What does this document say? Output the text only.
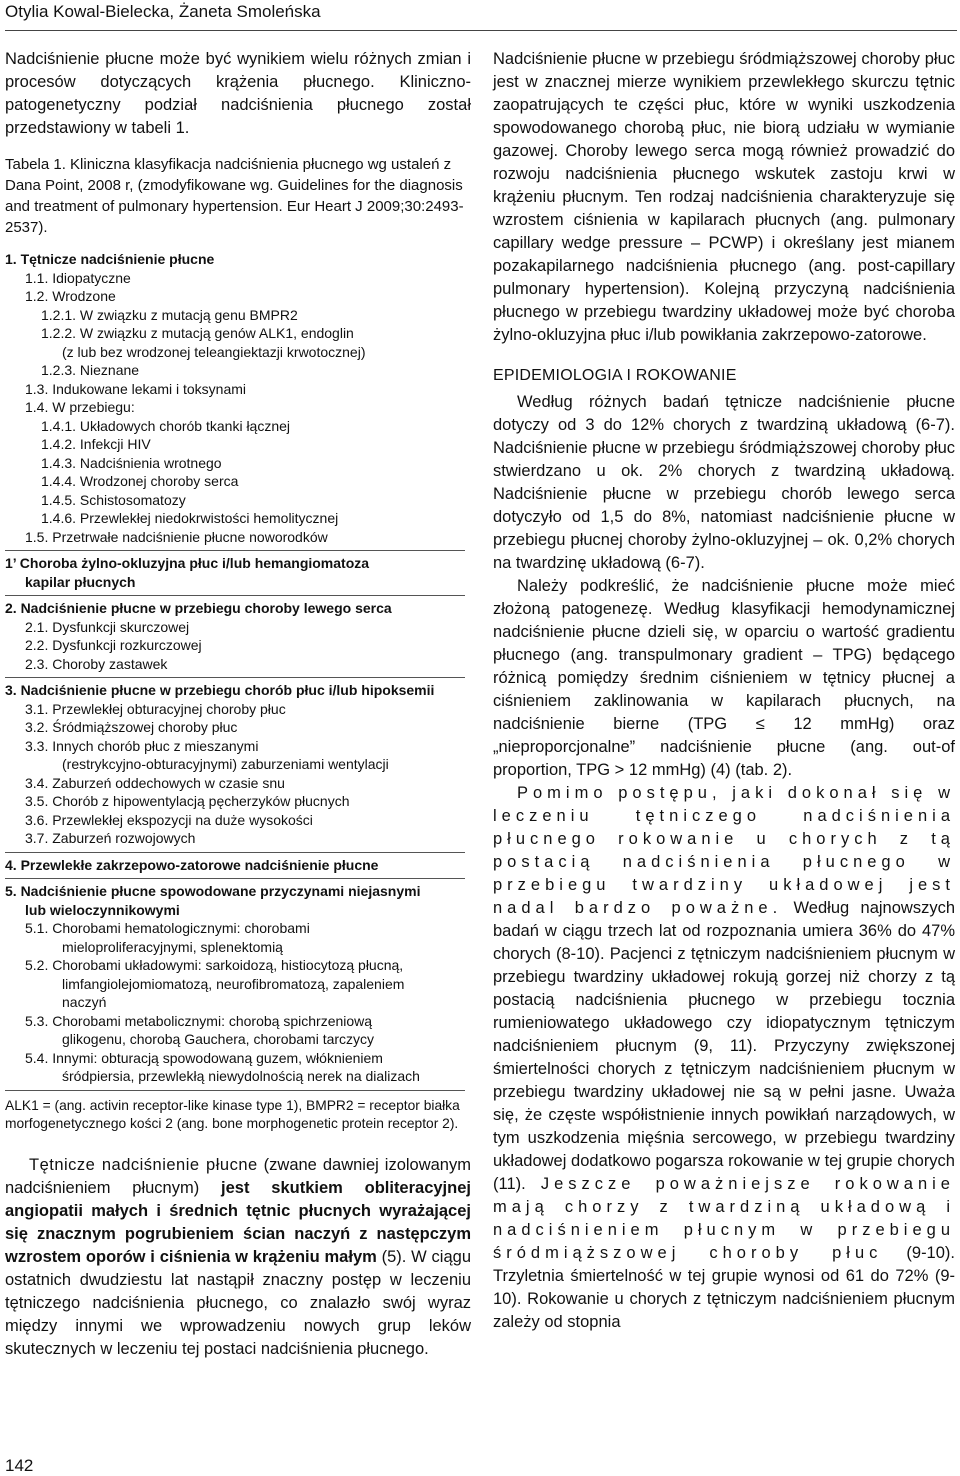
Otylia Kowal-Bielecka, Żaneta Smoleńska

Nadciśnienie płucne może być wynikiem wielu różnych zmian i procesów dotyczących krążenia płucnego. Kliniczno-patogenetyczny podział nadciśnienia płucnego został przedstawiony w tabeli 1.

Tabela 1. Kliniczna klasyfikacja nadciśnienia płucnego wg ustaleń z Dana Point, 2008 r, (zmodyfikowane wg. Guidelines for the diagnosis and treatment of pulmonary hypertension. Eur Heart J 2009;30:2493-2537).

1. Tętnicze nadciśnienie płucne
1.1. Idiopatyczne
1.2. Wrodzone
1.2.1. W związku z mutacją genu BMPR2
1.2.2. W związku z mutacją genów ALK1, endoglin
(z lub bez wrodzonej teleangiektazji krwotocznej)
1.2.3. Nieznane
1.3. Indukowane lekami i toksynami
1.4. W przebiegu:
1.4.1. Układowych chorób tkanki łącznej
1.4.2. Infekcji HIV
1.4.3. Nadciśnienia wrotnego
1.4.4. Wrodzonej choroby serca
1.4.5. Schistosomatozy
1.4.6. Przewlekłej niedokrwistości hemolitycznej
1.5. Przetrwałe nadciśnienie płucne noworodków
1’ Choroba żylno-okluzyjna płuc i/lub hemangiomatoza
kapilar płucnych
2. Nadciśnienie płucne w przebiegu choroby lewego serca
2.1. Dysfunkcji skurczowej
2.2. Dysfunkcji rozkurczowej
2.3. Choroby zastawek
3. Nadciśnienie płucne w przebiegu chorób płuc i/lub hipoksemii
3.1. Przewlekłej obturacyjnej choroby płuc
3.2. Śródmiąższowej choroby płuc
3.3. Innych chorób płuc z mieszanymi
(restrykcyjno-obturacyjnymi) zaburzeniami wentylacji
3.4. Zaburzeń oddechowych w czasie snu
3.5. Chorób z hipowentylacją pęcherzyków płucnych
3.6. Przewlekłej ekspozycji na duże wysokości
3.7. Zaburzeń rozwojowych
4. Przewlekłe zakrzepowo-zatorowe nadciśnienie płucne
5. Nadciśnienie płucne spowodowane przyczynami niejasnymi
lub wieloczynnikowymi
5.1. Chorobami hematologicznymi: chorobami
mieloproliferacyjnymi, splenektomią
5.2. Chorobami układowymi: sarkoidozą, histiocytozą płucną,
limfangiolejomiomatozą, neurofibromatozą, zapaleniem
naczyń
5.3. Chorobami metabolicznymi: chorobą spichrzeniową
glikogenu, chorobą Gauchera, chorobami tarczycy
5.4. Innymi: obturacją spowodowaną guzem, włóknieniem
śródpiersia, przewlekłą niewydolnością nerek na dializach

ALK1 = (ang. activin receptor-like kinase type 1), BMPR2 = receptor białka morfogenetycznego kości 2 (ang. bone morphogenetic protein receptor 2).

Tętnicze nadciśnienie płucne (zwane dawniej izolowanym nadciśnieniem płucnym) jest skutkiem obliteracyjnej angiopatii małych i średnich tętnic płucnych wyrażającej się znacznym pogrubieniem ścian naczyń z następczym wzrostem oporów i ciśnienia w krążeniu małym (5). W ciągu ostatnich dwudziestu lat nastąpił znaczny postęp w leczeniu tętniczego nadciśnienia płucnego, co znalazło swój wyraz między innymi we wprowadzeniu nowych grup leków skutecznych w leczeniu tej postaci nadciśnienia płucnego.

Nadciśnienie płucne w przebiegu śródmiąższowej choroby płuc jest w znacznej mierze wynikiem przewlekłego skurczu tętnic zaopatrujących te części płuc, które w wyniki uszkodzenia spowodowanego chorobą płuc, nie biorą udziału w wymianie gazowej. Choroby lewego serca mogą również prowadzić do rozwoju nadciśnienia płucnego wskutek zastoju krwi w krążeniu płucnym. Ten rodzaj nadciśnienia charakteryzuje się wzrostem ciśnienia w kapilarach płucnych (ang. pulmonary capillary wedge pressure – PCWP) i określany jest mianem pozakapilarnego nadciśnienia płucnego (ang. post-capillary pulmonary hypertension). Kolejną przyczyną nadciśnienia płucnego w przebiegu twardziny układowej może być choroba żylno-okluzyjna płuc i/lub powikłania zakrzepowo-zatorowe.

EPIDEMIOLOGIA I ROKOWANIE

Według różnych badań tętnicze nadciśnienie płucne dotyczy od 3 do 12% chorych z twardziną układową (6-7). Nadciśnienie płucne w przebiegu śródmiąższowej choroby płuc stwierdzano u ok. 2% chorych z twardziną układową. Nadciśnienie płucne w przebiegu chorób lewego serca dotyczyło od 1,5 do 8%, natomiast nadciśnienie płucne w przebiegu płucnej choroby żylno-okluzyjnej – ok. 0,2% chorych na twardzinę układową (6-7).

Należy podkreślić, że nadciśnienie płucne może mieć złożoną patogenezę. Według klasyfikacji hemodynamicznej nadciśnienie płucne dzieli się, w oparciu o wartość gradientu płucnego (ang. transpulmonary gradient – TPG) będącego różnicą pomiędzy średnim ciśnieniem w tętnicy płucnej a ciśnieniem zaklinowania w kapilarach płucnych, na nadciśnienie bierne (TPG ≤ 12 mmHg) oraz „nieproporcjonalne” nadciśnienie płucne (ang. out-of proportion, TPG > 12 mmHg) (4) (tab. 2).

Pomimo postępu, jaki dokonał się w leczeniu tętniczego nadciśnienia płucnego rokowanie u chorych z tą postacią nadciśnienia płucnego w przebiegu twardziny układowej jest nadal bardzo poważne. Według najnowszych badań w ciągu trzech lat od rozpoznania umiera 36% do 47% chorych (8-10). Pacjenci z tętniczym nadciśnieniem płucnym w przebiegu twardziny układowej rokują gorzej niż chorzy z tą postacią nadciśnienia płucnego w przebiegu tocznia rumieniowatego układowego czy idiopatycznym tętniczym nadciśnieniem płucnym (9, 11). Przyczyny zwiększonej śmiertelności chorych z tętniczym nadciśnieniem płucnym w przebiegu twardziny układowej nie są w pełni jasne. Uważa się, że częste współistnienie innych powikłań narządowych, w tym uszkodzenia mięśnia sercowego, w przebiegu twardziny układowej dodatkowo pogarsza rokowanie w tej grupie chorych (11). Jeszcze poważniejsze rokowanie mają chorzy z twardziną układową i nadciśnieniem płucnym w przebiegu śródmiąższowej choroby płuc (9-10). Trzyletnia śmiertelność w tej grupie wynosi od 61 do 72% (9-10). Rokowanie u chorych z tętniczym nadciśnieniem płucnym zależy od stopnia

142
